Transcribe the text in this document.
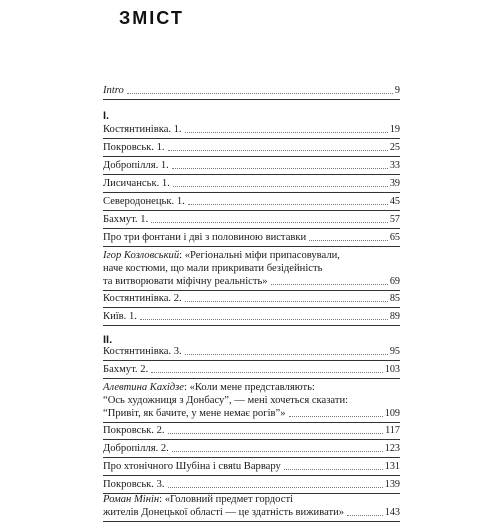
ЗМІСТ
Intro	9
I.
Костянтинівка. 1.	19
Покровськ. 1.	25
Добропілля. 1.	33
Лисичанськ. 1.	39
Северодонецьк. 1.	45
Бахмут. 1.	57
Про три фонтани і дві з половиною виставки	65
Ігор Козловський: «Регіональні міфи припасовували,
наче костюми, що мали прикривати безідейність
та витворювати міфічну реальність»	69
Костянтинівка. 2.	85
Київ. 1.	89
II.
Костянтинівка. 3.	95
Бахмут. 2.	103
Алевтина Кахідзе: «Коли мене представляють:
“Ось художниця з Донбасу”, — мені хочеться сказати:
“Привіт, як бачите, у мене немає рогів”»	109
Покровськ. 2.	117
Добропілля. 2.	123
Про хтонічного Шубіна і свяtu Варвару	131
Покровськ. 3.	139
Роман Мінін: «Головний предмет гордості
жителів Донецької області — це здатність виживати»	143
